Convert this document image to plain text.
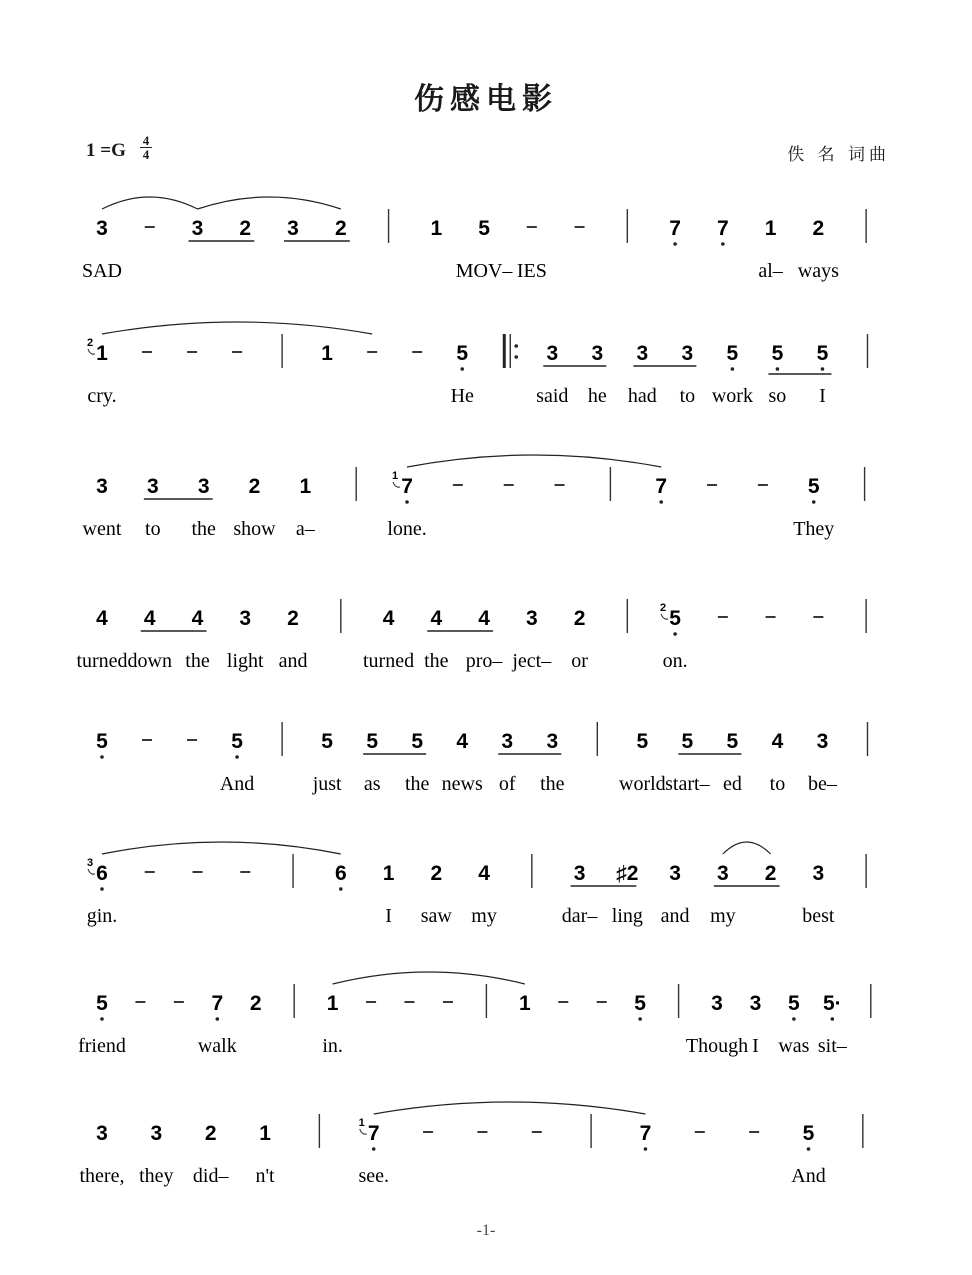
伤感电影
1 =G 4
4	佚 名 词曲
3	3 2 3 2	1 5	7 7 1 2
SAD	MOV– IES	al– ways
1
2	1	5	3 3 3 3 5 5 5
cry.	He	said he had to work so I
3 3 3 2 1	7
1	7	5
went to the show a–	lone.	They
4 4 4 3 2	4 4 4 3 2	5
2
turned down the light and	turned the pro– ject– or	on.
5	5	5 5 5 4 3 3	5 5 5 4 3
And	just as the news of the	world start– ed to be–
6
3	6 1 2 4	3 ♯2 3 3 2 3
gin.	I saw my	dar– ling and my	best
5	7 2	1	1	5	3 3 5 5·
friend	walk	in.	Though I was sit–
3 3 2 1	7
1	7	5
there, they did– n't	see.	And
-1-
